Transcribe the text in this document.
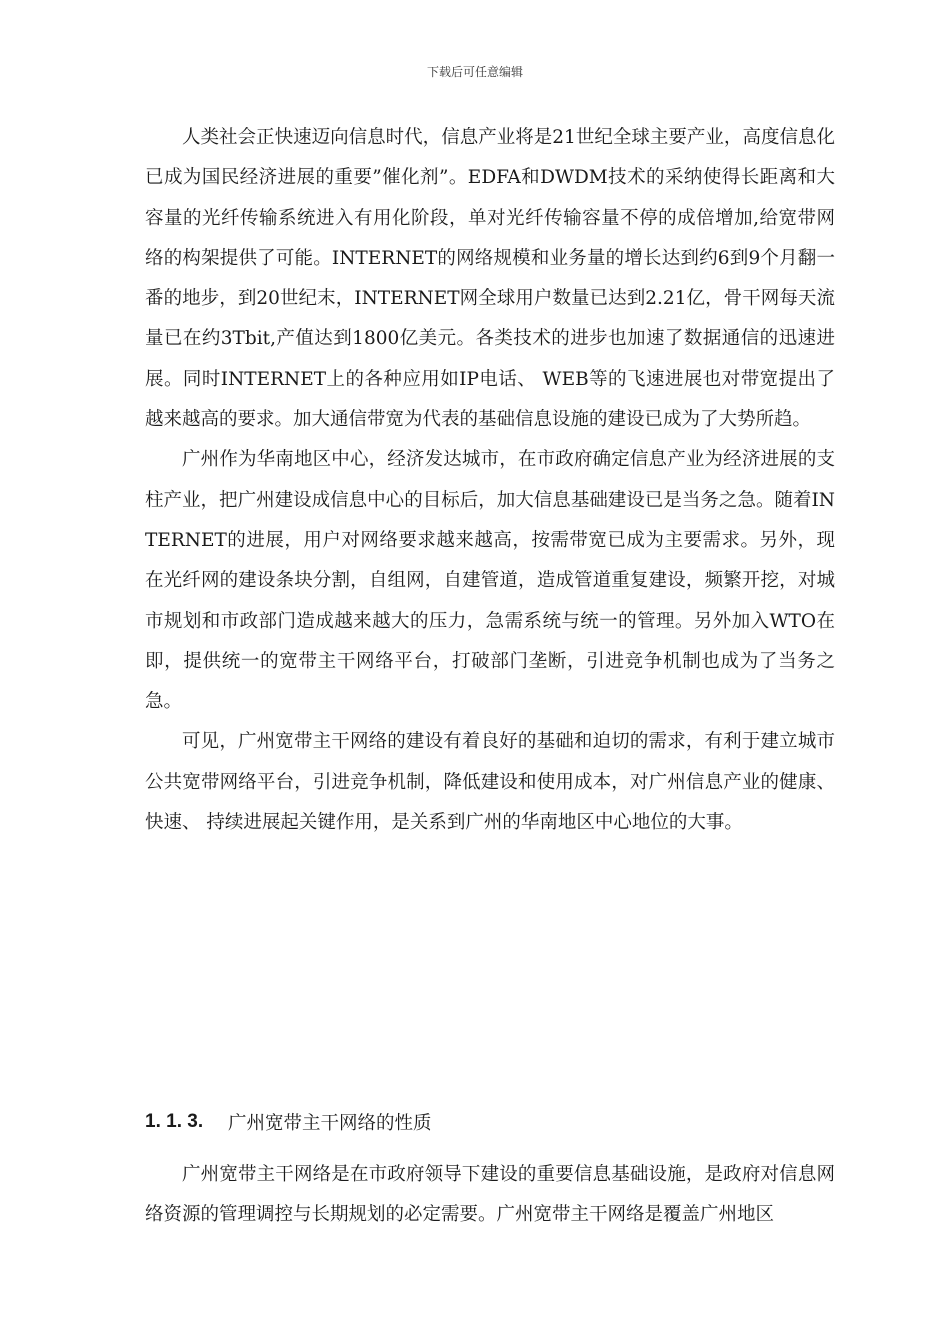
下载后可任意编辑

人类社会正快速迈向信息时代，信息产业将是21世纪全球主要产业，高度信息化已成为国民经济进展的重要”催化剂”。EDFA和DWDM技术的采纳使得长距离和大容量的光纤传输系统进入有用化阶段，单对光纤传输容量不停的成倍增加,给宽带网络的构架提供了可能。INTERNET的网络规模和业务量的增长达到约6到9个月翻一番的地步，到20世纪末，INTERNET网全球用户数量已达到2.21亿，骨干网每天流量已在约3Tbit,产值达到1800亿美元。各类技术的进步也加速了数据通信的迅速进展。同时INTERNET上的各种应用如IP电话、 WEB等的飞速进展也对带宽提出了越来越高的要求。加大通信带宽为代表的基础信息设施的建设已成为了大势所趋。

广州作为华南地区中心，经济发达城市，在市政府确定信息产业为经济进展的支柱产业，把广州建设成信息中心的目标后，加大信息基础建设已是当务之急。随着INTERNET的进展，用户对网络要求越来越高，按需带宽已成为主要需求。另外，现在光纤网的建设条块分割，自组网，自建管道，造成管道重复建设，频繁开挖，对城市规划和市政部门造成越来越大的压力，急需系统与统一的管理。另外加入WTO在即，提供统一的宽带主干网络平台，打破部门垄断，引进竞争机制也成为了当务之急。

可见，广州宽带主干网络的建设有着良好的基础和迫切的需求，有利于建立城市公共宽带网络平台，引进竞争机制，降低建设和使用成本，对广州信息产业的健康、 快速、 持续进展起关键作用，是关系到广州的华南地区中心地位的大事。

1. 1. 3.	广州宽带主干网络的性质

广州宽带主干网络是在市政府领导下建设的重要信息基础设施，是政府对信息网络资源的管理调控与长期规划的必定需要。广州宽带主干网络是覆盖广州地区
